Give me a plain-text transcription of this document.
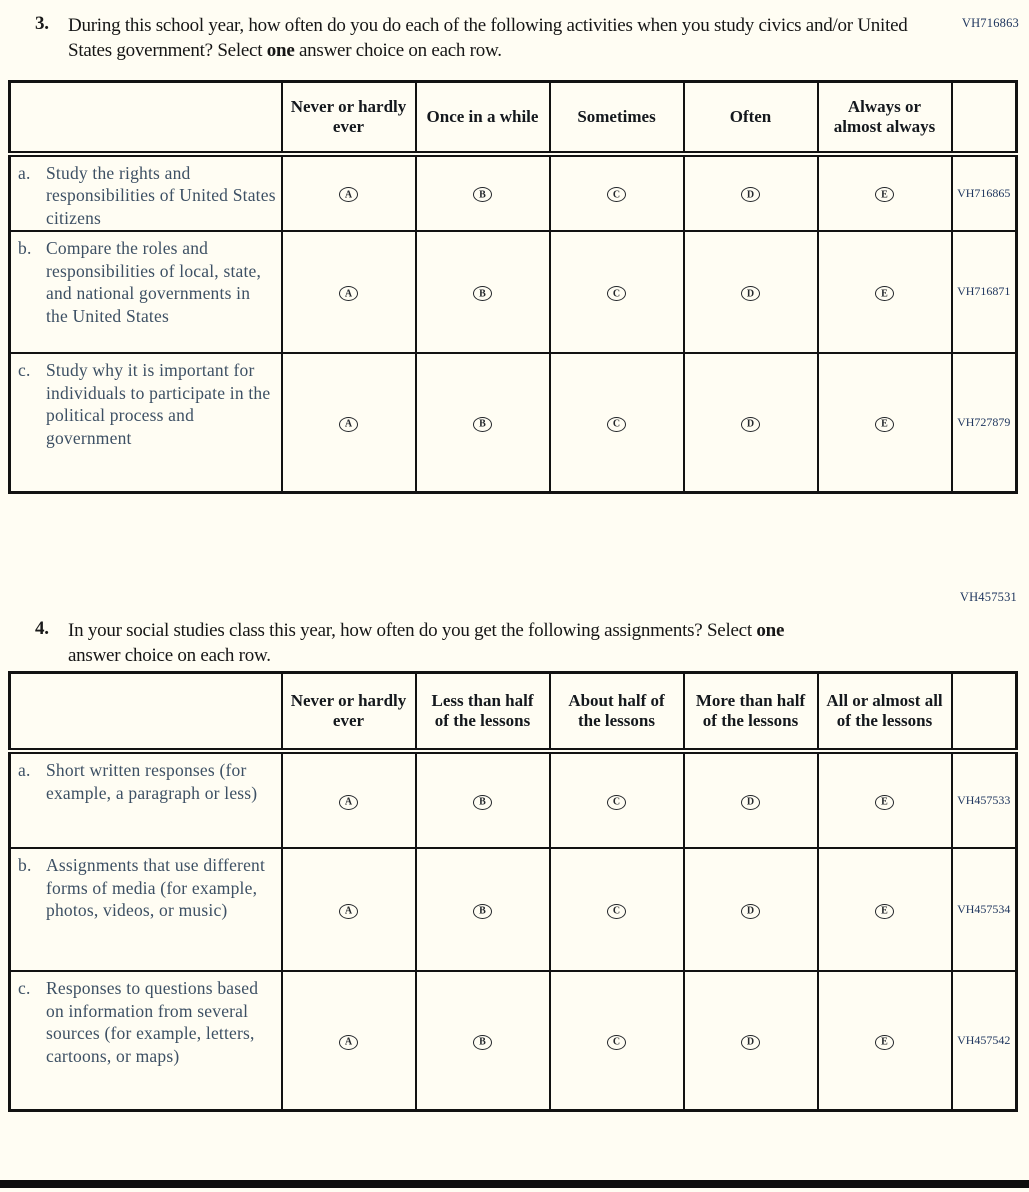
VH716863
3.	During this school year, how often do you do each of the following activities when you study civics and/or United States government? Select one answer choice on each row.

	Never or hardly ever	Once in a while	Sometimes	Often	Always or almost always	

a. Study the rights and responsibilities of United States citizens	A	B	C	D	E	VH716865

b. Compare the roles and responsibilities of local, state, and national governments in the United States	A	B	C	D	E	VH716871

c. Study why it is important for individuals to participate in the political process and government	A	B	C	D	E	VH727879
VH457531
4.	In your social studies class this year, how often do you get the following assignments? Select one answer choice on each row.

	Never or hardly ever	Less than half of the lessons	About half of the lessons	More than half of the lessons	All or almost all of the lessons	

a. Short written responses (for example, a paragraph or less)	A	B	C	D	E	VH457533

b. Assignments that use different forms of media (for example, photos, videos, or music)	A	B	C	D	E	VH457534

c. Responses to questions based on information from several sources (for example, letters, cartoons, or maps)	A	B	C	D	E	VH457542
